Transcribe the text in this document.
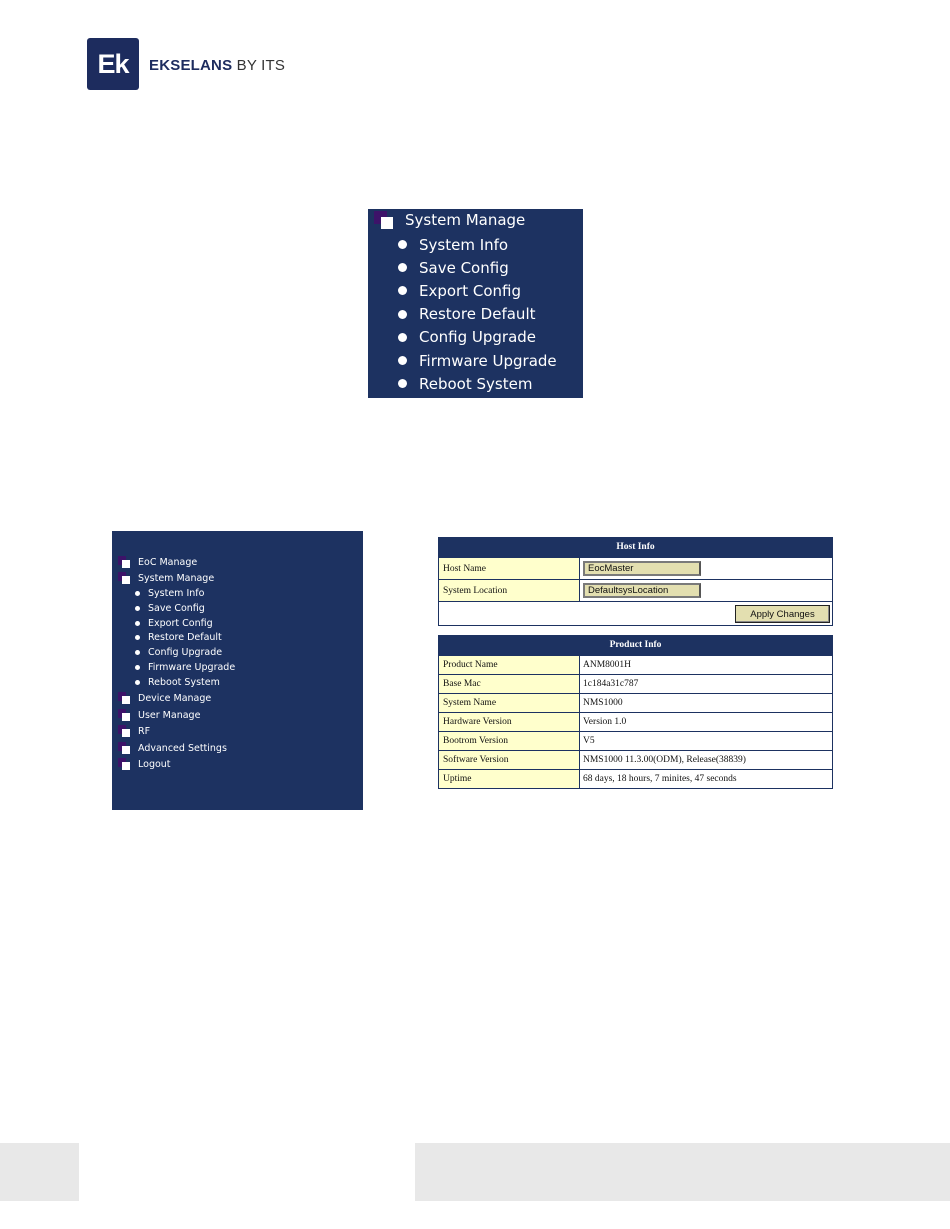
Ek	EKSELANS BY ITS
System Manage
System Info
Save Config
Export Config
Restore Default
Config Upgrade
Firmware Upgrade
Reboot System
EoC Manage
System Manage
System Info
Save Config
Export Config
Restore Default
Config Upgrade
Firmware Upgrade
Reboot System
Device Manage
User Manage
RF
Advanced Settings
Logout
Host Info
Host Name	EocMaster
System Location	DefaultsysLocation
Apply Changes
Product Info
Product Name	ANM8001H
Base Mac	1c184a31c787
System Name	NMS1000
Hardware Version	Version 1.0
Bootrom Version	V5
Software Version	NMS1000 11.3.00(ODM), Release(38839)
Uptime	68 days, 18 hours, 7 minites, 47 seconds
